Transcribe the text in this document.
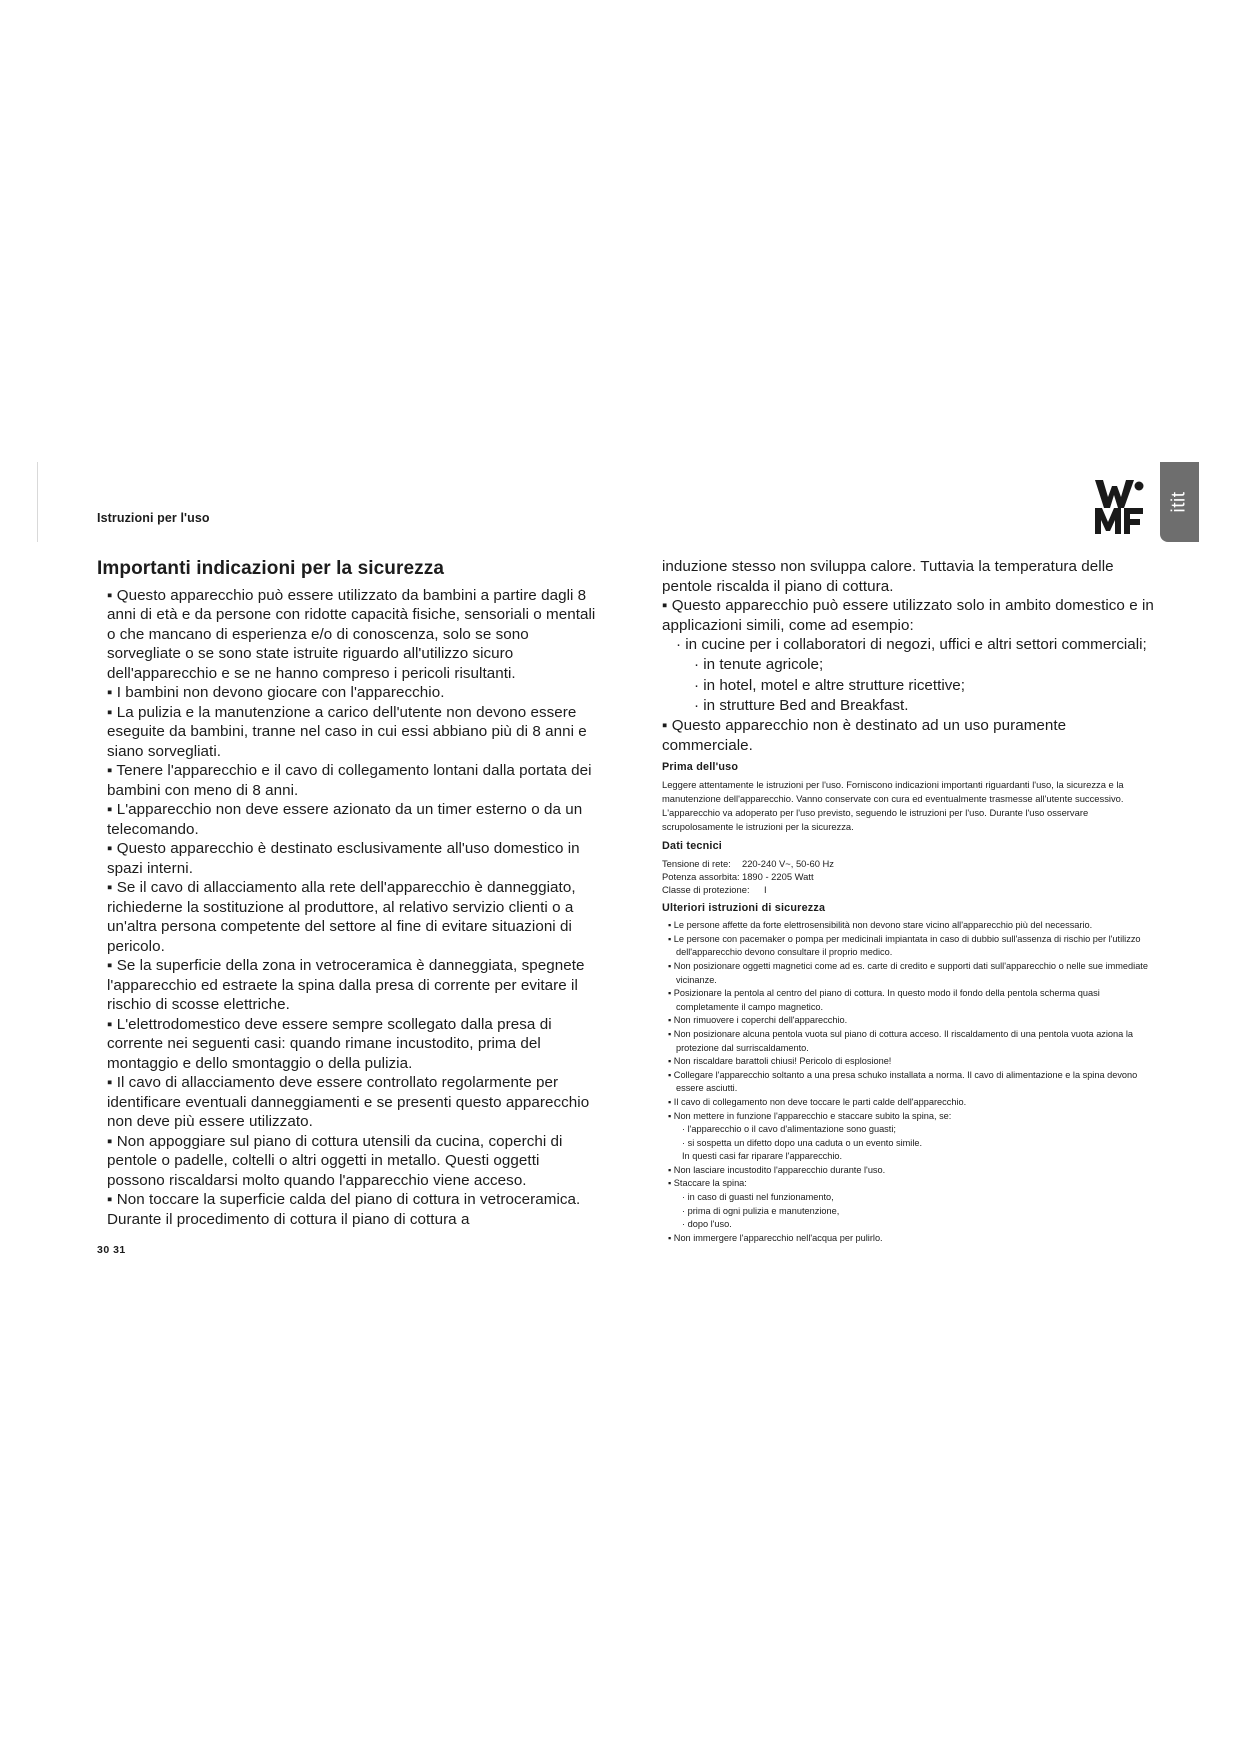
Istruzioni per l'uso
itit
Importanti indicazioni per la sicurezza

▪ Questo apparecchio può essere utilizzato da bambini a partire dagli 8 anni di età e da persone con ridotte capacità fisiche, sensoriali o mentali o che mancano di esperienza e/o di conoscenza, solo se sono sorvegliate o se sono state istruite riguardo all'utilizzo sicuro dell'apparecchio e se ne hanno compreso i pericoli risultanti.

▪ I bambini non devono giocare con l'apparecchio.

▪ La pulizia e la manutenzione a carico dell'utente non devono essere eseguite da bambini, tranne nel caso in cui essi abbiano più di 8 anni e siano sorvegliati.

▪ Tenere l'apparecchio e il cavo di collegamento lontani dalla portata dei bambini con meno di 8 anni.

▪ L'apparecchio non deve essere azionato da un timer esterno o da un telecomando.

▪ Questo apparecchio è destinato esclusivamente all'uso domestico in spazi interni.

▪ Se il cavo di allacciamento alla rete dell'apparecchio è danneggiato, richiederne la sostituzione al produttore, al relativo servizio clienti o a un'altra persona competente del settore al fine di evitare situazioni di pericolo.

▪ Se la superficie della zona in vetroceramica è danneggiata, spegnete l'apparecchio ed estraete la spina dalla presa di corrente per evitare il rischio di scosse elettriche.

▪ L'elettrodomestico deve essere sempre scollegato dalla presa di corrente nei seguenti casi: quando rimane incustodito, prima del montaggio e dello smontaggio o della pulizia.

▪ Il cavo di allacciamento deve essere controllato regolarmente per identificare eventuali danneggiamenti e se presenti questo apparecchio non deve più essere utilizzato.

▪ Non appoggiare sul piano di cottura utensili da cucina, coperchi di pentole o padelle, coltelli o altri oggetti in metallo. Questi oggetti possono riscaldarsi molto quando l'apparecchio viene acceso.

▪ Non toccare la superficie calda del piano di cottura in vetroceramica. Durante il procedimento di cottura il piano di cottura a

induzione stesso non sviluppa calore. Tuttavia la temperatura delle pentole riscalda il piano di cottura.

▪ Questo apparecchio può essere utilizzato solo in ambito domestico e in applicazioni simili, come ad esempio:

· in cucine per i collaboratori di negozi, uffici e altri settori commerciali;

· in tenute agricole;

· in hotel, motel e altre strutture ricettive;

· in strutture Bed and Breakfast.

▪ Questo apparecchio non è destinato ad un uso puramente commerciale.

Prima dell'uso

Leggere attentamente le istruzioni per l'uso. Forniscono indicazioni importanti riguardanti l'uso, la sicurezza e la manutenzione dell'apparecchio. Vanno conservate con cura ed eventualmente trasmesse all'utente successivo. L'apparecchio va adoperato per l'uso previsto, seguendo le istruzioni per l'uso. Durante l'uso osservare scrupolosamente le istruzioni per la sicurezza.

Dati tecnici
Tensione di rete:	220-240 V~, 50-60 Hz
Potenza assorbita: 1890 - 2205 Watt
Classe di protezione:	I
Ulteriori istruzioni di sicurezza

▪ Le persone affette da forte elettrosensibilità non devono stare vicino all'apparecchio più del necessario.

▪ Le persone con pacemaker o pompa per medicinali impiantata in caso di dubbio sull'assenza di rischio per l'utilizzo dell'apparecchio devono consultare il proprio medico.

▪ Non posizionare oggetti magnetici come ad es. carte di credito e supporti dati sull'apparecchio o nelle sue immediate vicinanze.

▪ Posizionare la pentola al centro del piano di cottura. In questo modo il fondo della pentola scherma quasi completamente il campo magnetico.

▪ Non rimuovere i coperchi dell'apparecchio.

▪ Non posizionare alcuna pentola vuota sul piano di cottura acceso. Il riscaldamento di una pentola vuota aziona la protezione dal surriscaldamento.

▪ Non riscaldare barattoli chiusi! Pericolo di esplosione!

▪ Collegare l'apparecchio soltanto a una presa schuko installata a norma. Il cavo di alimentazione e la spina devono essere asciutti.

▪ Il cavo di collegamento non deve toccare le parti calde dell'apparecchio.

▪ Non mettere in funzione l'apparecchio e staccare subito la spina, se:

· l'apparecchio o il cavo d'alimentazione sono guasti;

· si sospetta un difetto dopo una caduta o un evento simile.

In questi casi far riparare l'apparecchio.

▪ Non lasciare incustodito l'apparecchio durante l'uso.

▪ Staccare la spina:

· in caso di guasti nel funzionamento,

· prima di ogni pulizia e manutenzione,

· dopo l'uso.

▪ Non immergere l'apparecchio nell'acqua per pulirlo.

30 31
